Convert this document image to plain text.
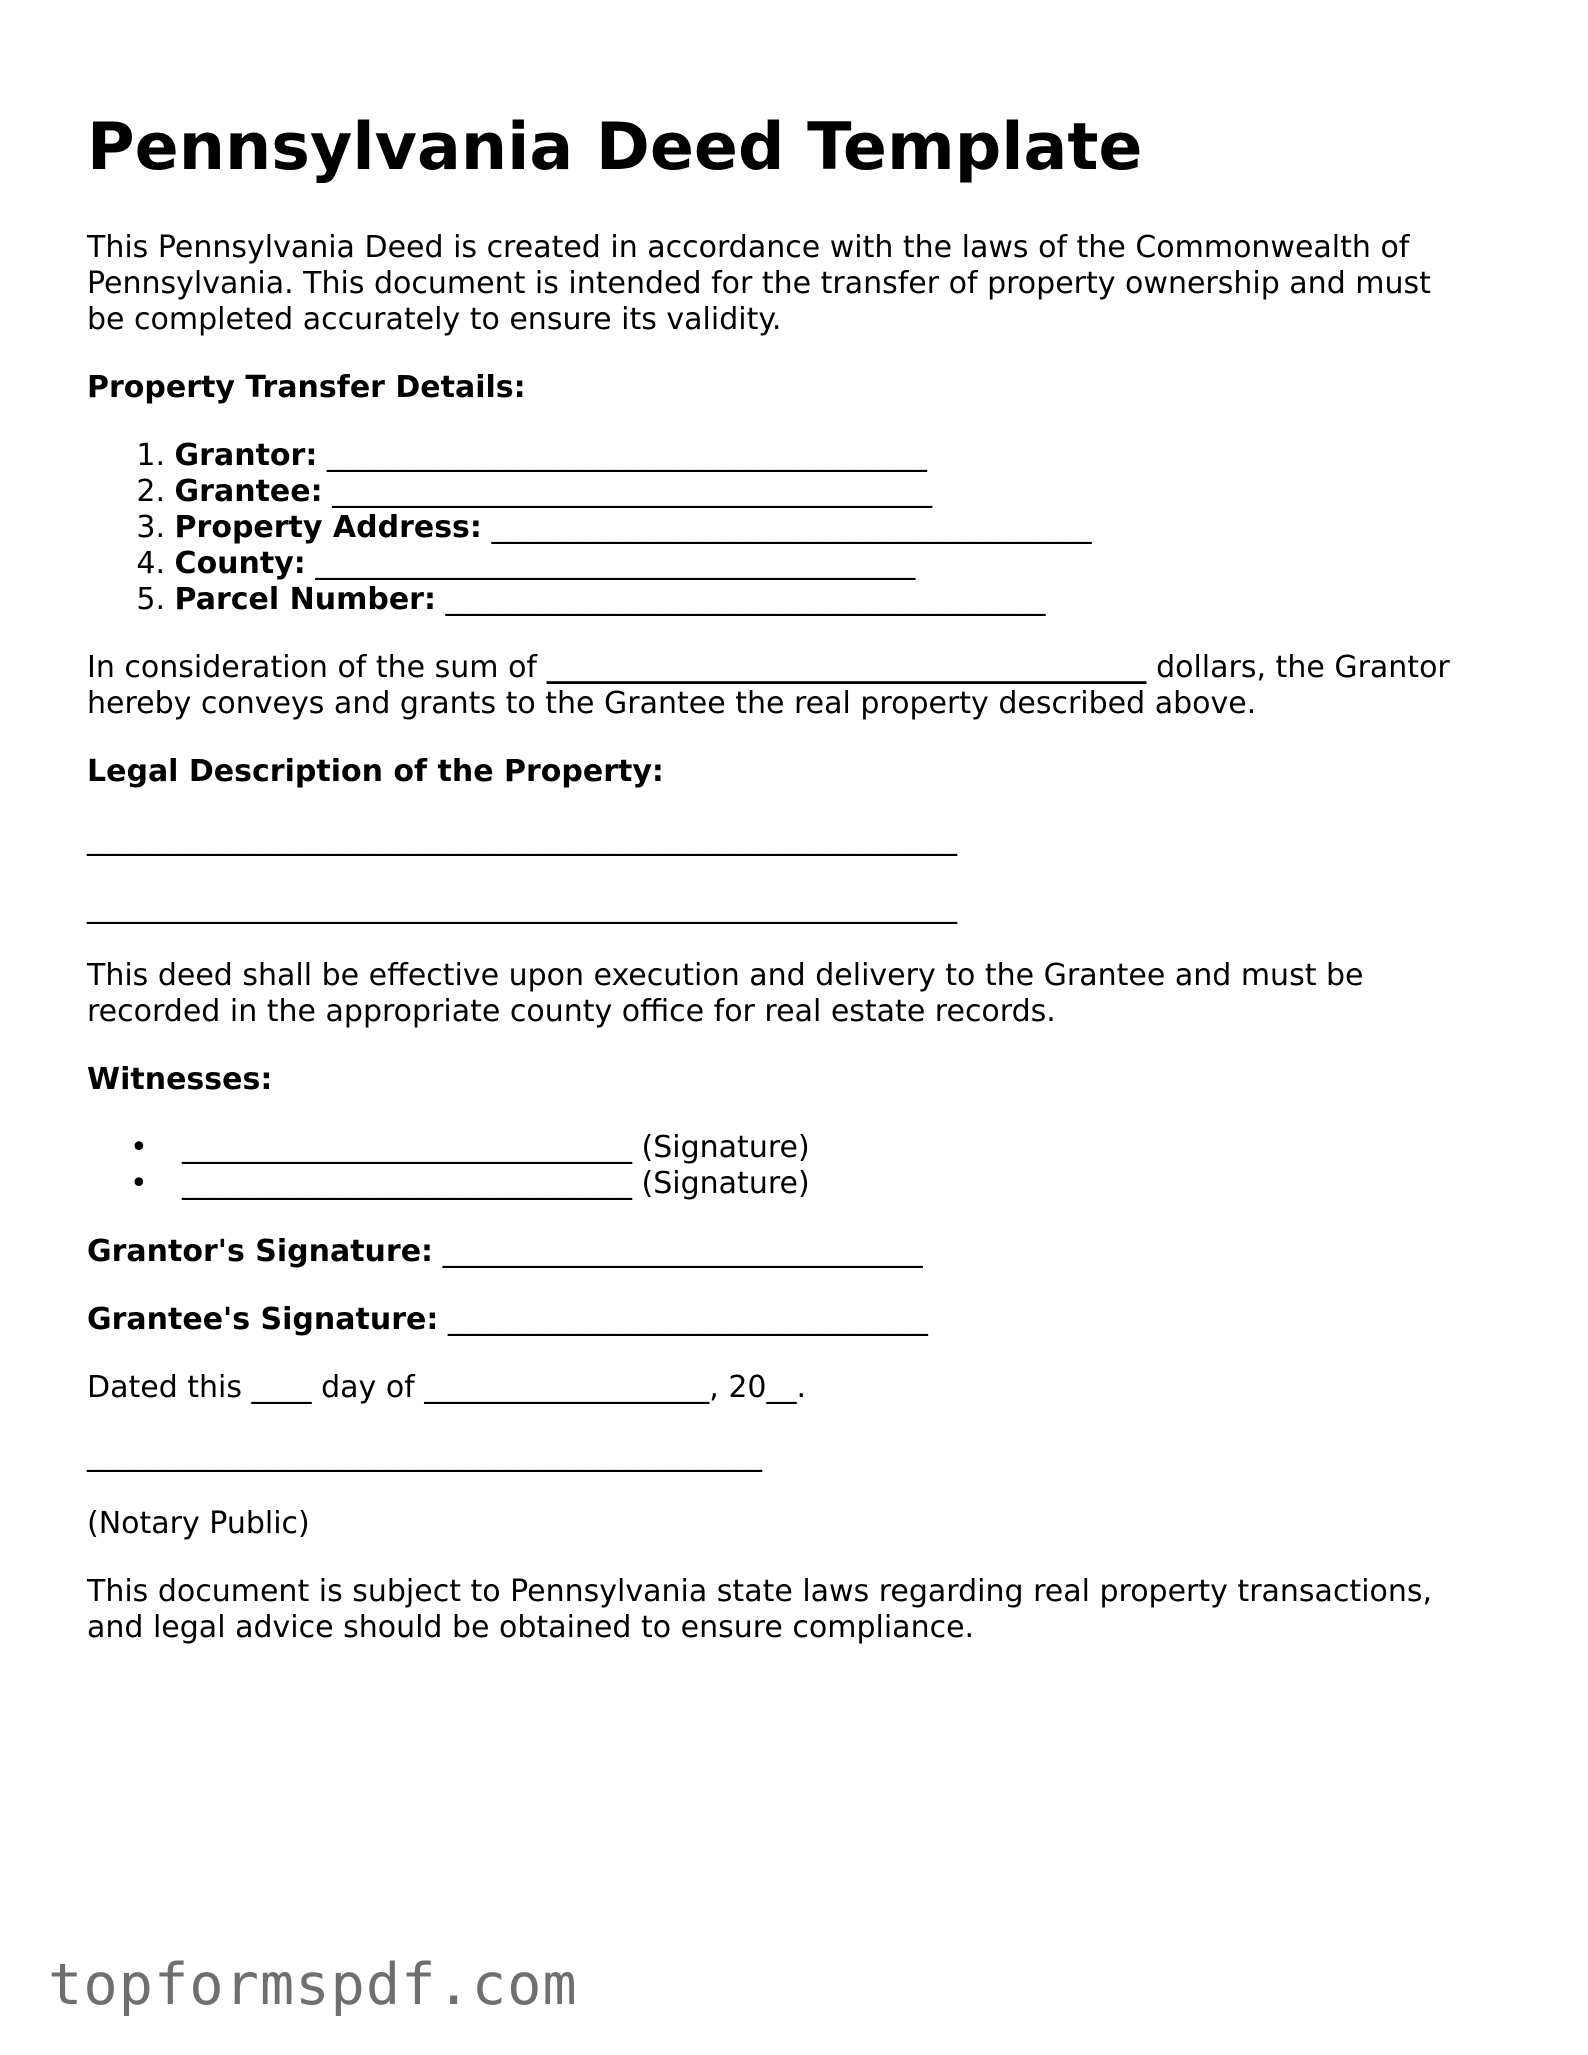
Pennsylvania Deed Template

This Pennsylvania Deed is created in accordance with the laws of the Commonwealth of

Pennsylvania. This document is intended for the transfer of property ownership and must

be completed accurately to ensure its validity.

Property Transfer Details:

1. Grantor: ________________________________________

2. Grantee: ________________________________________

3. Property Address: ________________________________________

4. County: ________________________________________

5. Parcel Number: ________________________________________

In consideration of the sum of ________________________________________ dollars, the Grantor

hereby conveys and grants to the Grantee the real property described above.

Legal Description of the Property:

__________________________________________________________

__________________________________________________________

This deed shall be effective upon execution and delivery to the Grantee and must be

recorded in the appropriate county office for real estate records.

Witnesses:

• ______________________________ (Signature)

• ______________________________ (Signature)

Grantor's Signature: ________________________________

Grantee's Signature: ________________________________

Dated this ____ day of ___________________, 20__.

_____________________________________________

(Notary Public)

This document is subject to Pennsylvania state laws regarding real property transactions,

and legal advice should be obtained to ensure compliance.

topformspdf.com
